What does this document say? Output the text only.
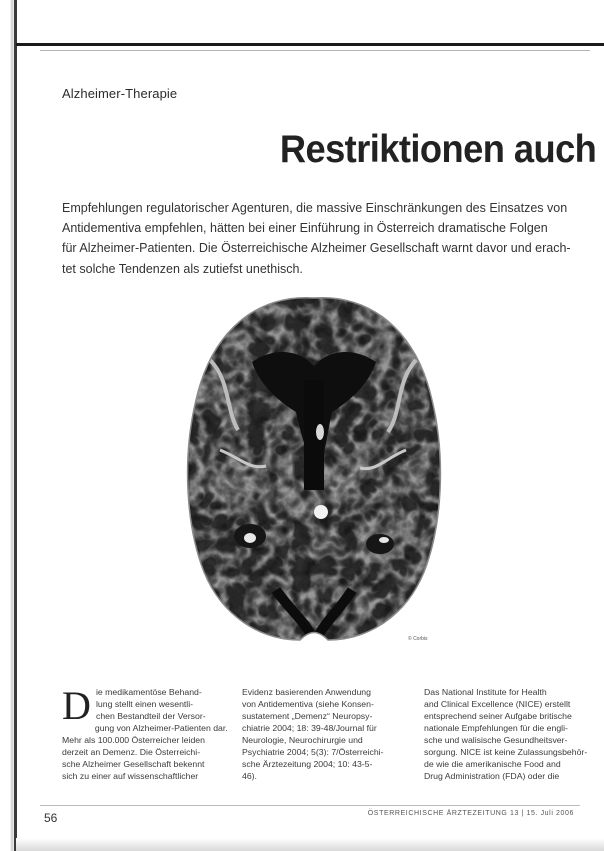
Alzheimer-Therapie
Restriktionen auch
Empfehlungen regulatorischer Agenturen, die massive Einschränkungen des Einsatzes von
Antidementiva empfehlen, hätten bei einer Einführung in Österreich dramatische Folgen
für Alzheimer-Patienten. Die Österreichische Alzheimer Gesellschaft warnt davor und erach-
tet solche Tendenzen als zutiefst unethisch.
© Corbis
D ie medikamentöse Behand-
lung stellt einen wesentli-
chen Bestandteil der Versor-
gung von Alzheimer-Patienten dar.
Mehr als 100.000 Österreicher leiden
derzeit an Demenz. Die Österreichi-
sche Alzheimer Gesellschaft bekennt
sich zu einer auf wissenschaftlicher
Evidenz basierenden Anwendung
von Antidementiva (siehe Konsen-
sustatement „Demenz“ Neuropsy-
chiatrie 2004; 18: 39-48/Journal für
Neurologie, Neurochirurgie und
Psychiatrie 2004; 5(3): 7/Österreichi-
sche Ärztezeitung 2004; 10: 43-5-
46).
Das National Institute for Health
and Clinical Excellence (NICE) erstellt
entsprechend seiner Aufgabe britische
nationale Empfehlungen für die engli-
sche und walisische Gesundheitsver-
sorgung. NICE ist keine Zulassungsbehör-
de wie die amerikanische Food and
Drug Administration (FDA) oder die
56	ÖSTERREICHISCHE ÄRZTEZEITUNG 13 | 15. Juli 2006
